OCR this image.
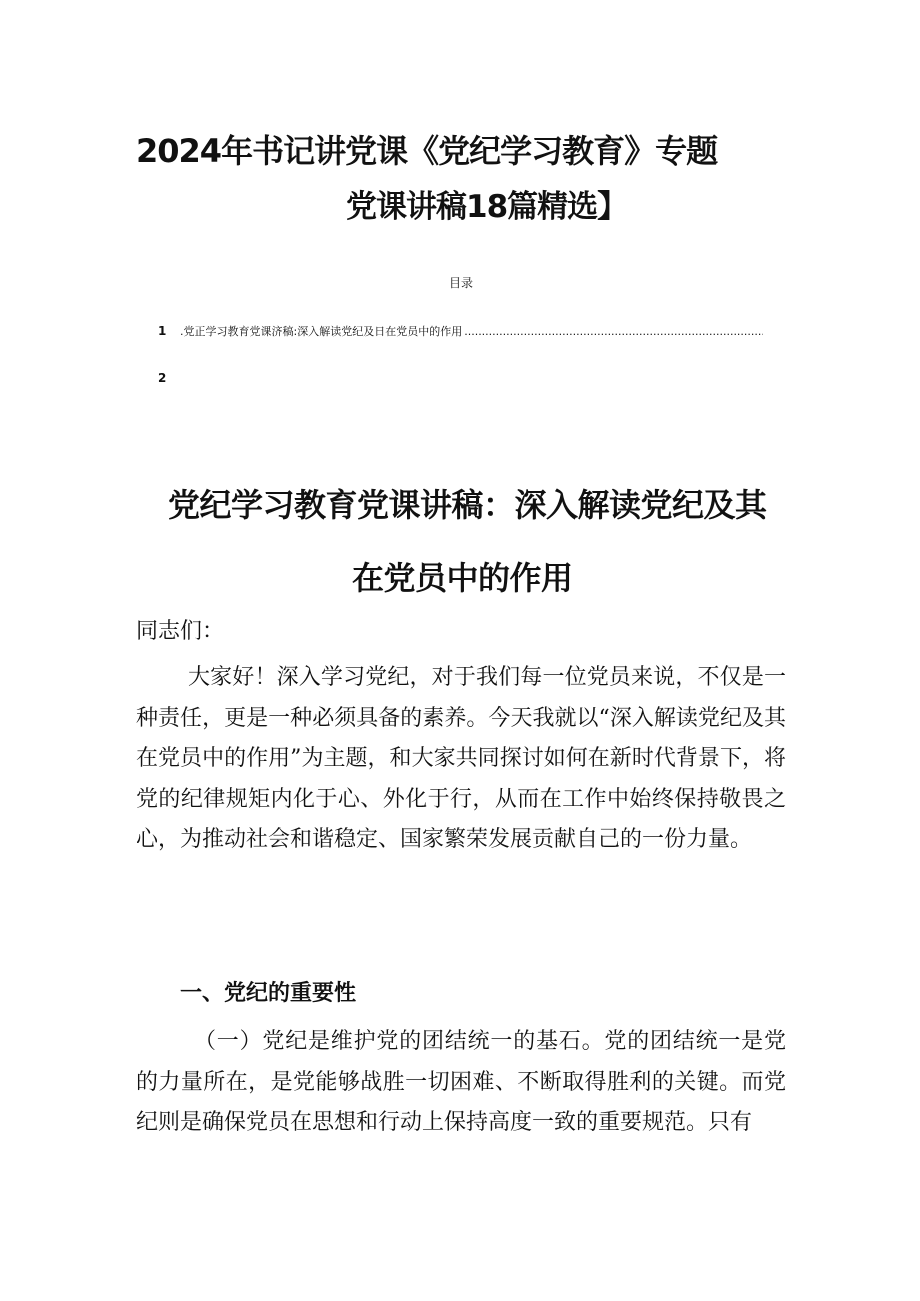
2024年书记讲党课《党纪学习教育》专题
党课讲稿18篇精选】
目录
1	.党正学习教育党课济稿:深入解读党纪及日在党员中的作用
.....
2
党纪学习教育党课讲稿：深入解读党纪及其
在党员中的作用

同志们：

大家好！深入学习党纪，对于我们每一位党员来说，不仅是一种责任，更是一种必须具备的素养。今天我就以“深入解读党纪及其在党员中的作用”为主题，和大家共同探讨如何在新时代背景下，将党的纪律规矩内化于心、外化于行，从而在工作中始终保持敬畏之心，为推动社会和谐稳定、国家繁荣发展贡献自己的一份力量。

一、党纪的重要性

（一）党纪是维护党的团结统一的基石。党的团结统一是党的力量所在，是党能够战胜一切困难、不断取得胜利的关键。而党纪则是确保党员在思想和行动上保持高度一致的重要规范。只有
